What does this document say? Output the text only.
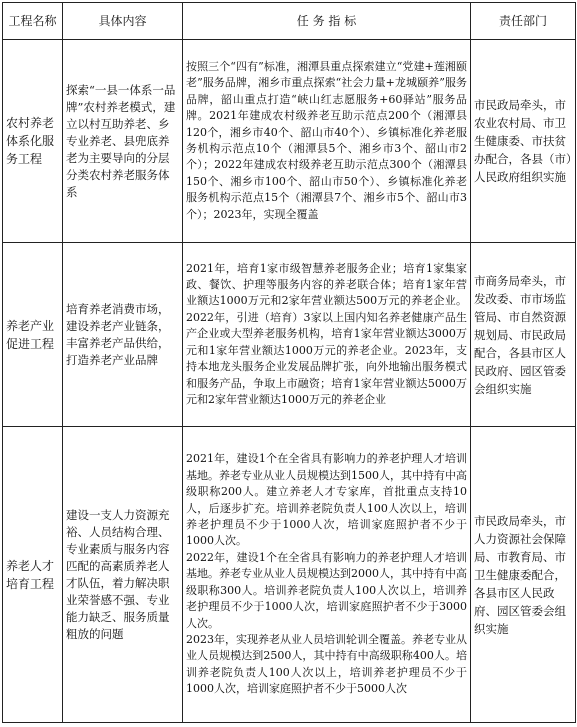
工程名称	具体内容	任 务 指 标	责任部门
农村养老体系化服务工程	探索“一县一体系一品牌”农村养老模式，建立以村互助养老、乡专业养老、县兜底养老为主要导向的分层分类农村养老服务体系	按照三个“四有”标准，湘潭县重点探索建立“党建+莲湘颐老”服务品牌，湘乡市重点探索“社会力量+龙城颐养”服务品牌，韶山重点打造“峡山红志愿服务+60驿站”服务品牌。2021年建成农村级养老互助示范点200个（湘潭县120个，湘乡市40个、韶山市40个）、乡镇标准化养老服务机构示范点10个（湘潭县5个、湘乡市3个、韶山市2个）；2022年建成农村级养老互助示范点300个（湘潭县150个、湘乡市100个、韶山市50个）、乡镇标准化养老服务机构示范点15个（湘潭县7个、湘乡市5个、韶山市3个）；2023年，实现全覆盖	市民政局牵头，市农业农村局、市卫生健康委、市扶贫办配合，各县（市）人民政府组织实施
养老产业促进工程	培育养老消费市场，建设养老产业链条，丰富养老产品供给，打造养老产业品牌	2021年，培育1家市级智慧养老服务企业；培育1家集家政、餐饮、护理等服务内容的养老联合体；培育1家年营业额达1000万元和2家年营业额达500万元的养老企业。2022年，引进（培育）3家以上国内知名养老健康产品生产企业或大型养老服务机构，培育1家年营业额达3000万元和1家年营业额达1000万元的养老企业。2023年，支持本地龙头服务企业发展品牌扩张，向外地输出服务模式和服务产品，争取上市融资；培育1家年营业额达5000万元和2家年营业额达1000万元的养老企业	市商务局牵头，市发改委、市市场监管局、市自然资源规划局、市民政局配合，各县市区人民政府、园区管委会组织实施
养老人才培育工程	建设一支人力资源充裕、人员结构合理、专业素质与服务内容匹配的高素质养老人才队伍，着力解决职业荣誉感不强、专业能力缺乏、服务质量粗放的问题	2021年，建设1个在全省具有影响力的养老护理人才培训基地。养老专业从业人员规模达到1500人，其中持有中高级职称200人。建立养老人才专家库，首批重点支持10人，后逐步扩充。培训养老院负责人100人次以上，培训养老护理员不少于1000人次，培训家庭照护者不少于1000人次。
2022年，建设1个在全省具有影响力的养老护理人才培训基地。养老专业从业人员规模达到2000人，其中持有中高级职称300人。培训养老院负责人100人次以上，培训养老护理员不少于1000人次，培训家庭照护者不少于3000人次。
2023年，实现养老从业人员培训轮训全覆盖。养老专业从业人员规模达到2500人，其中持有中高级职称400人。培训养老院负责人100人次以上，培训养老护理员不少于1000人次，培训家庭照护者不少于5000人次	市民政局牵头，市人力资源社会保障局、市教育局、市卫生健康委配合，各县市区人民政府、园区管委会组织实施
